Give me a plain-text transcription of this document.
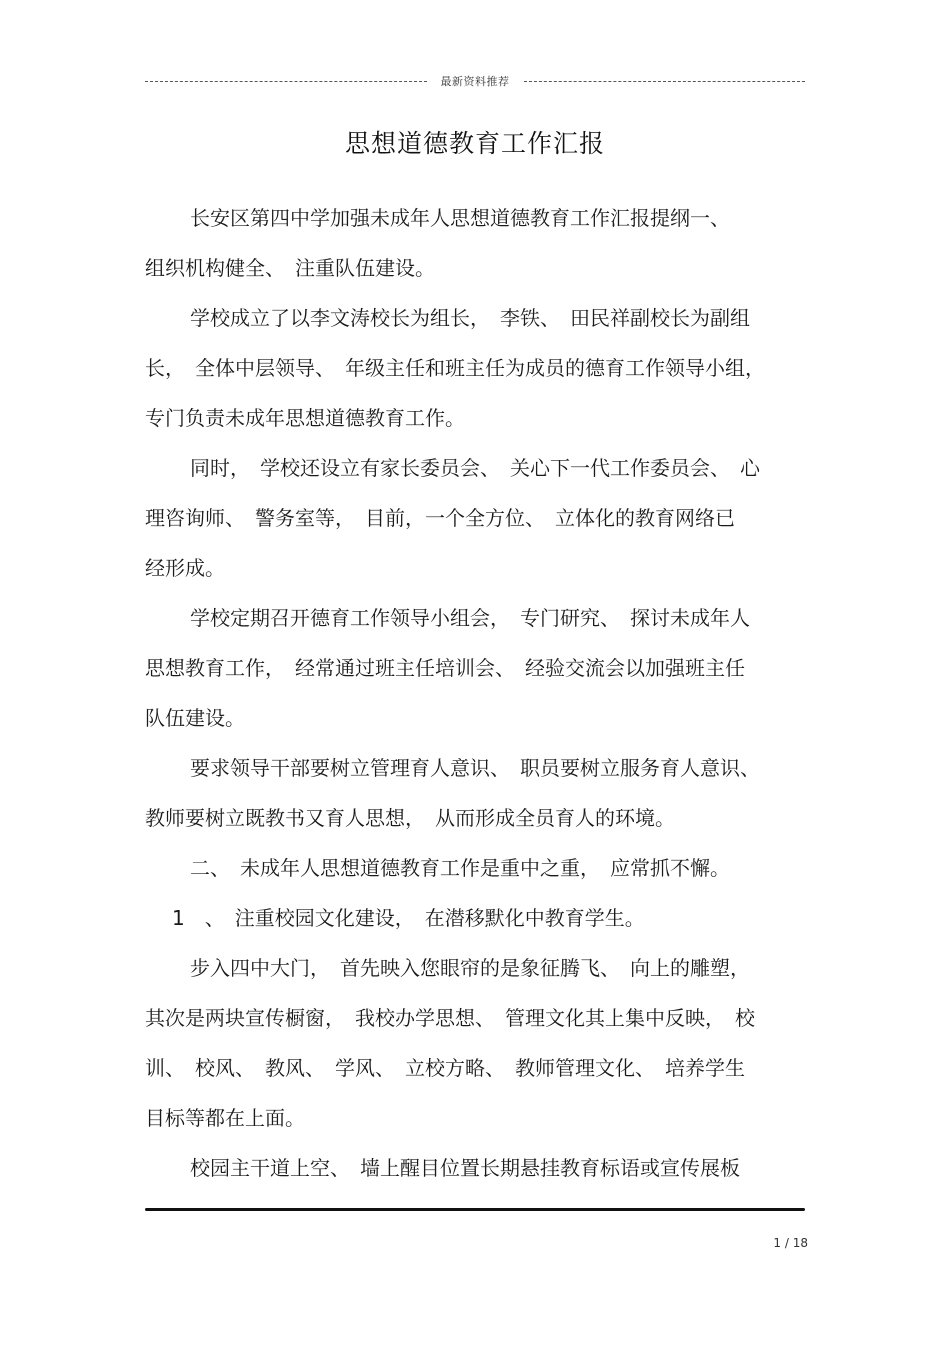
最新资料推荐
思想道德教育工作汇报
长安区第四中学加强未成年人思想道德教育工作汇报提纲一、
组织机构健全、　注重队伍建设。
学校成立了以李文涛校长为组长，　李铁、　田民祥副校长为副组
长，　全体中层领导、　年级主任和班主任为成员的德育工作领导小组，
专门负责未成年思想道德教育工作。
同时，　学校还设立有家长委员会、　关心下一代工作委员会、　心
理咨询师、　警务室等，　目前，一个全方位、　立体化的教育网络已
经形成。
学校定期召开德育工作领导小组会，　专门研究、　探讨未成年人
思想教育工作，　经常通过班主任培训会、　经验交流会以加强班主任
队伍建设。
要求领导干部要树立管理育人意识、　职员要树立服务育人意识、
教师要树立既教书又育人思想，　从而形成全员育人的环境。
二、　未成年人思想道德教育工作是重中之重，　应常抓不懈。
1　、　注重校园文化建设，　在潜移默化中教育学生。
步入四中大门，　首先映入您眼帘的是象征腾飞、　向上的雕塑，
其次是两块宣传橱窗，　我校办学思想、　管理文化其上集中反映，　校
训、　校风、　教风、　学风、　立校方略、　教师管理文化、　培养学生
目标等都在上面。
校园主干道上空、　墙上醒目位置长期悬挂教育标语或宣传展板
1 / 18
